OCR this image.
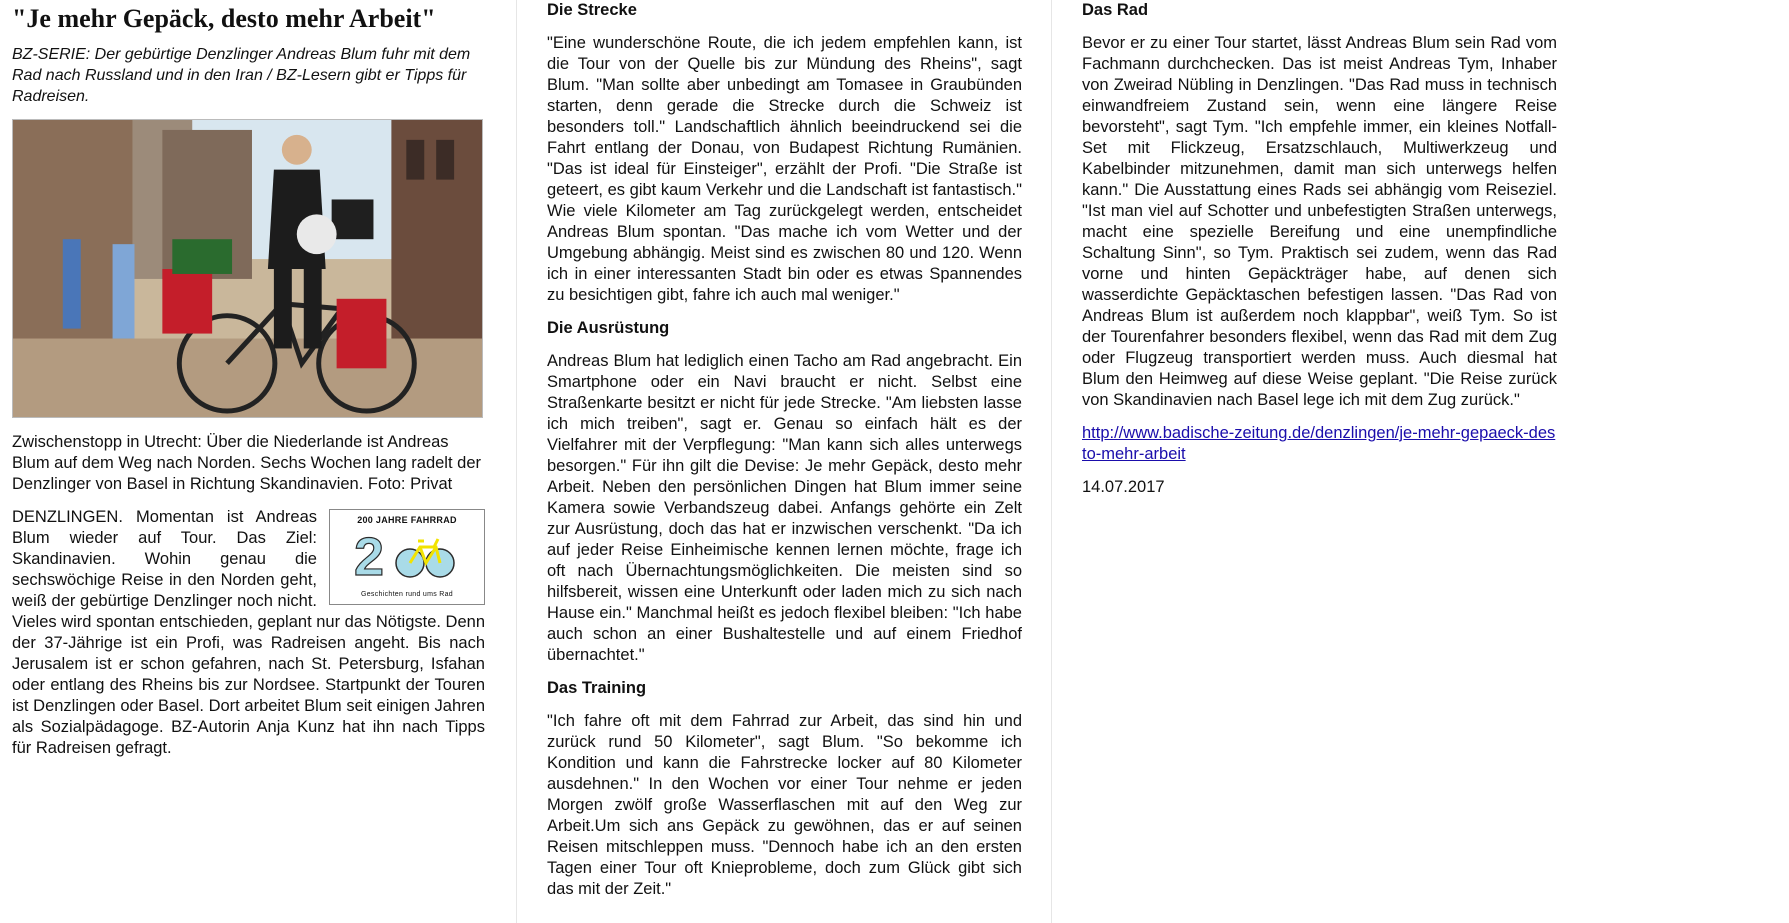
"Je mehr Gepäck, desto mehr Arbeit"
BZ-SERIE: Der gebürtige Denzlinger Andreas Blum fuhr mit dem Rad nach Russland und in den Iran / BZ-Lesern gibt er Tipps für Radreisen.

Zwischenstopp in Utrecht: Über die Niederlande ist Andreas Blum auf dem Weg nach Norden. Sechs Wochen lang radelt der Denzlinger von Basel in Richtung Skandinavien. Foto: Privat

200 JAHRE FAHRRAD
2
Geschichten rund ums Rad

DENZLINGEN. Momentan ist Andreas Blum wieder auf Tour. Das Ziel: Skandinavien. Wohin genau die sechswöchige Reise in den Norden geht, weiß der gebürtige Denzlinger noch nicht. Vieles wird spontan entschieden, geplant nur das Nötigste. Denn der 37-Jährige ist ein Profi, was Radreisen angeht. Bis nach Jerusalem ist er schon gefahren, nach St. Petersburg, Isfahan oder entlang des Rheins bis zur Nordsee. Startpunkt der Touren ist Denzlingen oder Basel. Dort arbeitet Blum seit einigen Jahren als Sozialpädagoge. BZ-Autorin Anja Kunz hat ihn nach Tipps für Radreisen gefragt.

Die Strecke

"Eine wunderschöne Route, die ich jedem empfehlen kann, ist die Tour von der Quelle bis zur Mündung des Rheins", sagt Blum. "Man sollte aber unbedingt am Tomasee in Graubünden starten, denn gerade die Strecke durch die Schweiz ist besonders toll." Landschaftlich ähnlich beeindruckend sei die Fahrt entlang der Donau, von Budapest Richtung Rumänien. "Das ist ideal für Einsteiger", erzählt der Profi. "Die Straße ist geteert, es gibt kaum Verkehr und die Landschaft ist fantastisch." Wie viele Kilometer am Tag zurückgelegt werden, entscheidet Andreas Blum spontan. "Das mache ich vom Wetter und der Umgebung abhängig. Meist sind es zwischen 80 und 120. Wenn ich in einer interessanten Stadt bin oder es etwas Spannendes zu besichtigen gibt, fahre ich auch mal weniger."

Die Ausrüstung

Andreas Blum hat lediglich einen Tacho am Rad angebracht. Ein Smartphone oder ein Navi braucht er nicht. Selbst eine Straßenkarte besitzt er nicht für jede Strecke. "Am liebsten lasse ich mich treiben", sagt er. Genau so einfach hält es der Vielfahrer mit der Verpflegung: "Man kann sich alles unterwegs besorgen." Für ihn gilt die Devise: Je mehr Gepäck, desto mehr Arbeit. Neben den persönlichen Dingen hat Blum immer seine Kamera sowie Verbandszeug dabei. Anfangs gehörte ein Zelt zur Ausrüstung, doch das hat er inzwischen verschenkt. "Da ich auf jeder Reise Einheimische kennen lernen möchte, frage ich oft nach Übernachtungsmöglichkeiten. Die meisten sind so hilfsbereit, wissen eine Unterkunft oder laden mich zu sich nach Hause ein." Manchmal heißt es jedoch flexibel bleiben: "Ich habe auch schon an einer Bushaltestelle und auf einem Friedhof übernachtet."

Das Training

"Ich fahre oft mit dem Fahrrad zur Arbeit, das sind hin und zurück rund 50 Kilometer", sagt Blum. "So bekomme ich Kondition und kann die Fahrstrecke locker auf 80 Kilometer ausdehnen." In den Wochen vor einer Tour nehme er jeden Morgen zwölf große Wasserflaschen mit auf den Weg zur Arbeit.Um sich ans Gepäck zu gewöhnen, das er auf seinen Reisen mitschleppen muss. "Dennoch habe ich an den ersten Tagen einer Tour oft Knieprobleme, doch zum Glück gibt sich das mit der Zeit."

Das Rad

Bevor er zu einer Tour startet, lässt Andreas Blum sein Rad vom Fachmann durchchecken. Das ist meist Andreas Tym, Inhaber von Zweirad Nübling in Denzlingen. "Das Rad muss in technisch einwandfreiem Zustand sein, wenn eine längere Reise bevorsteht", sagt Tym. "Ich empfehle immer, ein kleines Notfall-Set mit Flickzeug, Ersatzschlauch, Multiwerkzeug und Kabelbinder mitzunehmen, damit man sich unterwegs helfen kann." Die Ausstattung eines Rads sei abhängig vom Reiseziel. "Ist man viel auf Schotter und unbefestigten Straßen unterwegs, macht eine spezielle Bereifung und eine unempfindliche Schaltung Sinn", so Tym. Praktisch sei zudem, wenn das Rad vorne und hinten Gepäckträger habe, auf denen sich wasserdichte Gepäcktaschen befestigen lassen. "Das Rad von Andreas Blum ist außerdem noch klappbar", weiß Tym. So ist der Tourenfahrer besonders flexibel, wenn das Rad mit dem Zug oder Flugzeug transportiert werden muss. Auch diesmal hat Blum den Heimweg auf diese Weise geplant. "Die Reise zurück von Skandinavien nach Basel lege ich mit dem Zug zurück."

http://www.badische-zeitung.de/denzlingen/je-mehr-gepaeck-desto-mehr-arbeit

14.07.2017
